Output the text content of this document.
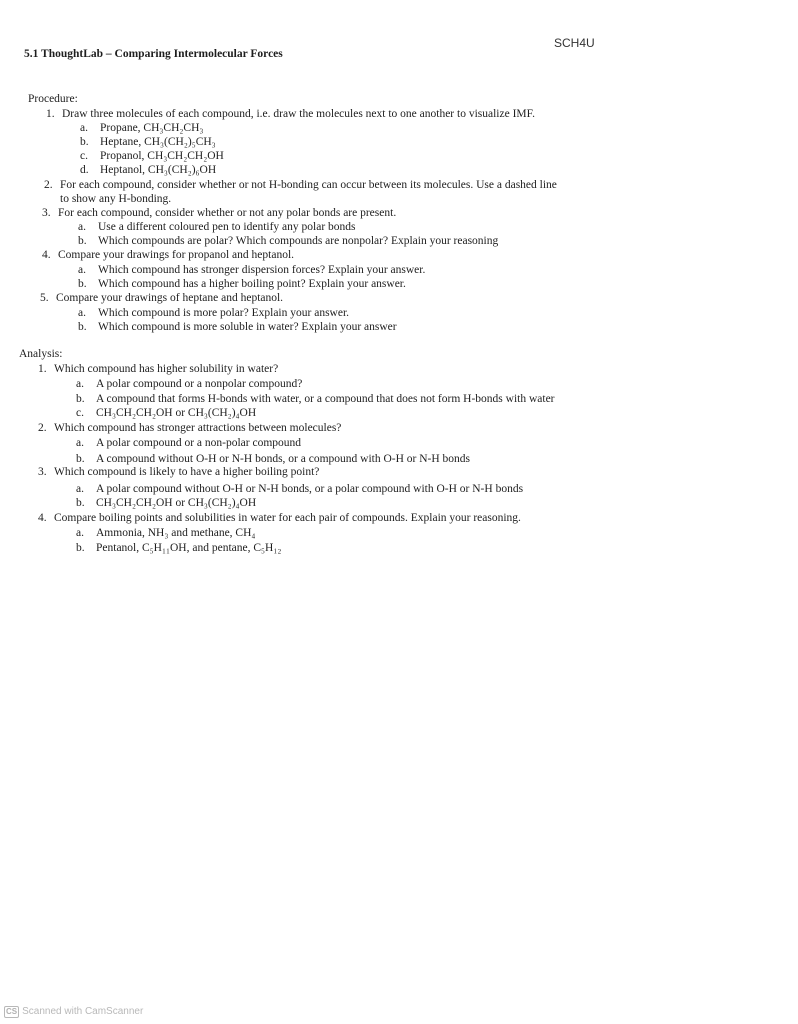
SCH4U
5.1 ThoughtLab – Comparing Intermolecular Forces
Procedure:
1. Draw three molecules of each compound, i.e. draw the molecules next to one another to visualize IMF.
a. Propane, CH₃CH₂CH₃
b. Heptane, CH₃(CH₂)₅CH₃
c. Propanol, CH₃CH₂CH₂OH
d. Heptanol, CH₃(CH₂)₆OH
2. For each compound, consider whether or not H-bonding can occur between its molecules. Use a dashed line
to show any H-bonding.
3. For each compound, consider whether or not any polar bonds are present.
a. Use a different coloured pen to identify any polar bonds
b. Which compounds are polar? Which compounds are nonpolar? Explain your reasoning
4. Compare your drawings for propanol and heptanol.
a. Which compound has stronger dispersion forces? Explain your answer.
b. Which compound has a higher boiling point? Explain your answer.
5. Compare your drawings of heptane and heptanol.
a. Which compound is more polar? Explain your answer.
b. Which compound is more soluble in water? Explain your answer
Analysis:
1. Which compound has higher solubility in water?
a. A polar compound or a nonpolar compound?
b. A compound that forms H-bonds with water, or a compound that does not form H-bonds with water
c. CH₃CH₂CH₂OH or CH₃(CH₂)₄OH
2. Which compound has stronger attractions between molecules?
a. A polar compound or a non-polar compound
b. A compound without O-H or N-H bonds, or a compound with O-H or N-H bonds
3. Which compound is likely to have a higher boiling point?
a. A polar compound without O-H or N-H bonds, or a polar compound with O-H or N-H bonds
b. CH₃CH₂CH₂OH or CH₃(CH₂)₄OH
4. Compare boiling points and solubilities in water for each pair of compounds. Explain your reasoning.
a. Ammonia, NH₃ and methane, CH₄
b. Pentanol, C₅H₁₁OH, and pentane, C₅H₁₂
CS Scanned with CamScanner
